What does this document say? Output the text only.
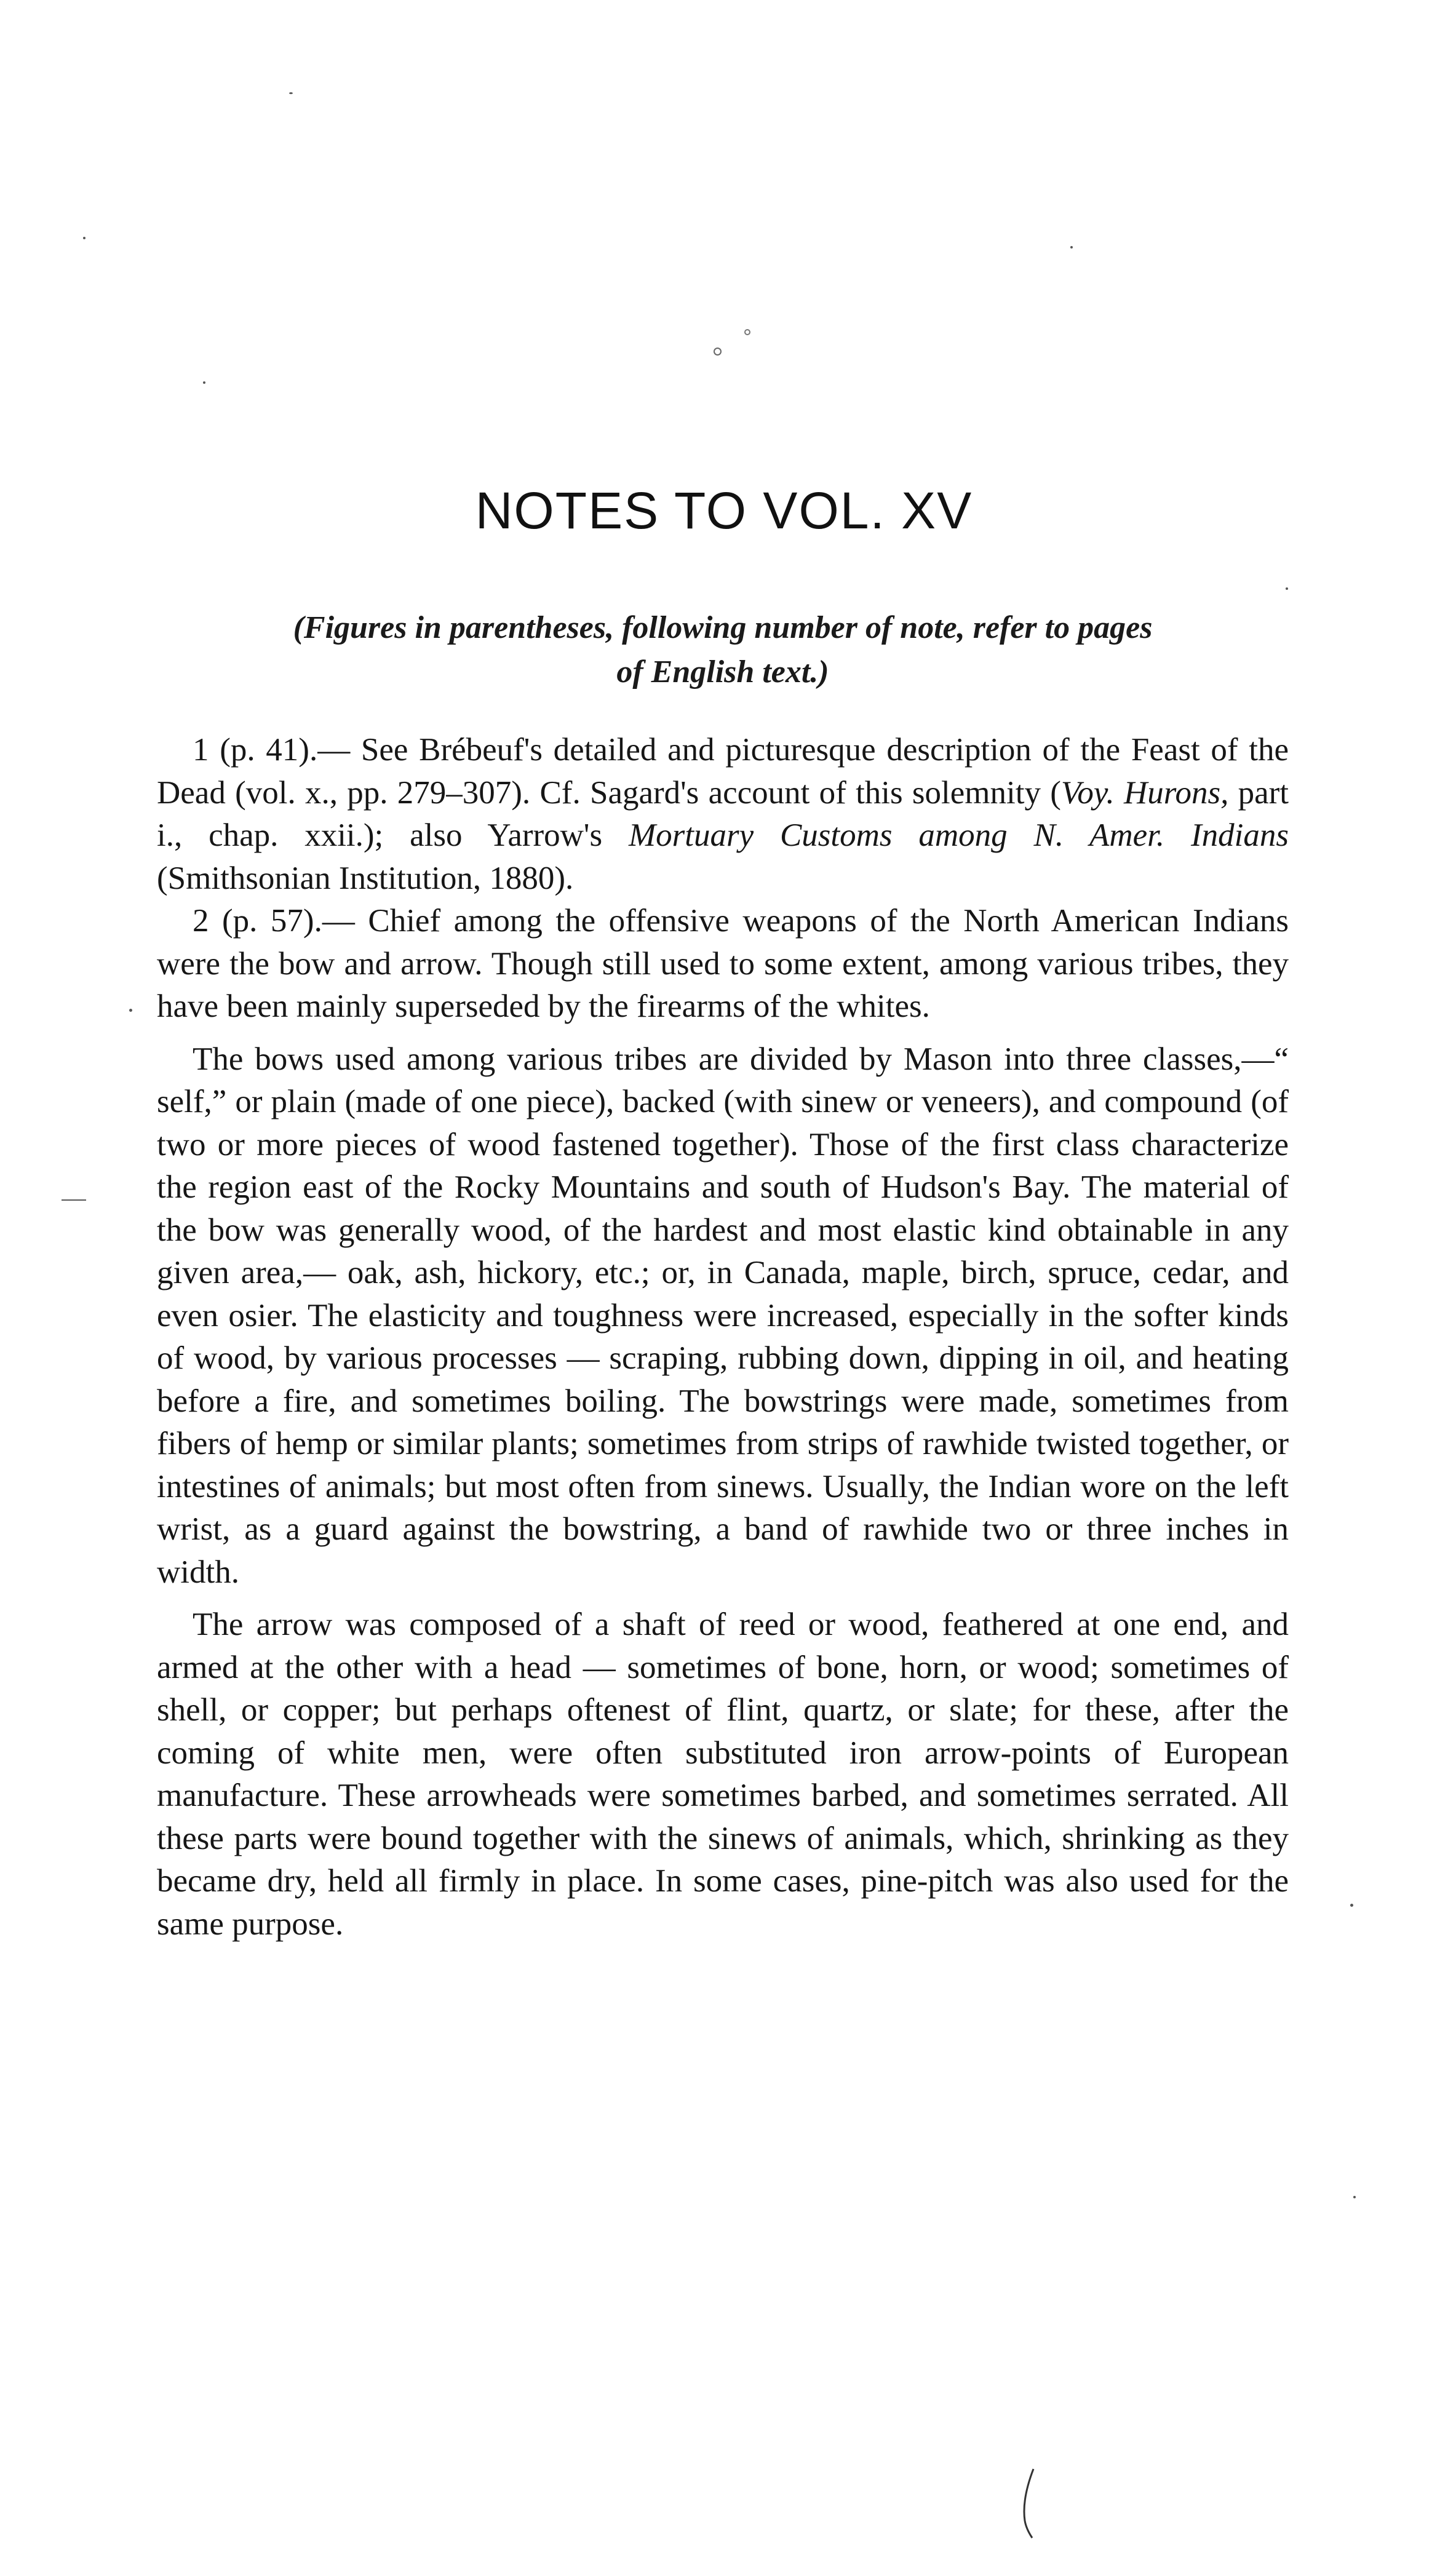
NOTES TO VOL. XV
(Figures in parentheses, following number of note, refer to pages
of English text.)

1 (p. 41).— See Brébeuf's detailed and picturesque description of the Feast of the Dead (vol. x., pp. 279–307). Cf. Sagard's account of this solemnity (Voy. Hurons, part i., chap. xxii.); also Yarrow's Mortuary Customs among N. Amer. Indians (Smithsonian Institution, 1880).

2 (p. 57).— Chief among the offensive weapons of the North American Indians were the bow and arrow. Though still used to some extent, among various tribes, they have been mainly superseded by the firearms of the whites.

The bows used among various tribes are divided by Mason into three classes,—“ self,” or plain (made of one piece), backed (with sinew or veneers), and compound (of two or more pieces of wood fastened together). Those of the first class characterize the region east of the Rocky Mountains and south of Hudson's Bay. The material of the bow was generally wood, of the hardest and most elastic kind obtainable in any given area,— oak, ash, hickory, etc.; or, in Canada, maple, birch, spruce, cedar, and even osier. The elasticity and toughness were increased, especially in the softer kinds of wood, by various processes — scraping, rubbing down, dipping in oil, and heating before a fire, and sometimes boiling. The bowstrings were made, sometimes from fibers of hemp or similar plants; sometimes from strips of rawhide twisted together, or intestines of animals; but most often from sinews. Usually, the Indian wore on the left wrist, as a guard against the bowstring, a band of rawhide two or three inches in width.

The arrow was composed of a shaft of reed or wood, feathered at one end, and armed at the other with a head — sometimes of bone, horn, or wood; sometimes of shell, or copper; but perhaps oftenest of flint, quartz, or slate; for these, after the coming of white men, were often substituted iron arrow-points of European manufacture. These arrowheads were sometimes barbed, and sometimes serrated. All these parts were bound together with the sinews of animals, which, shrinking as they became dry, held all firmly in place. In some cases, pine-pitch was also used for the same purpose.
